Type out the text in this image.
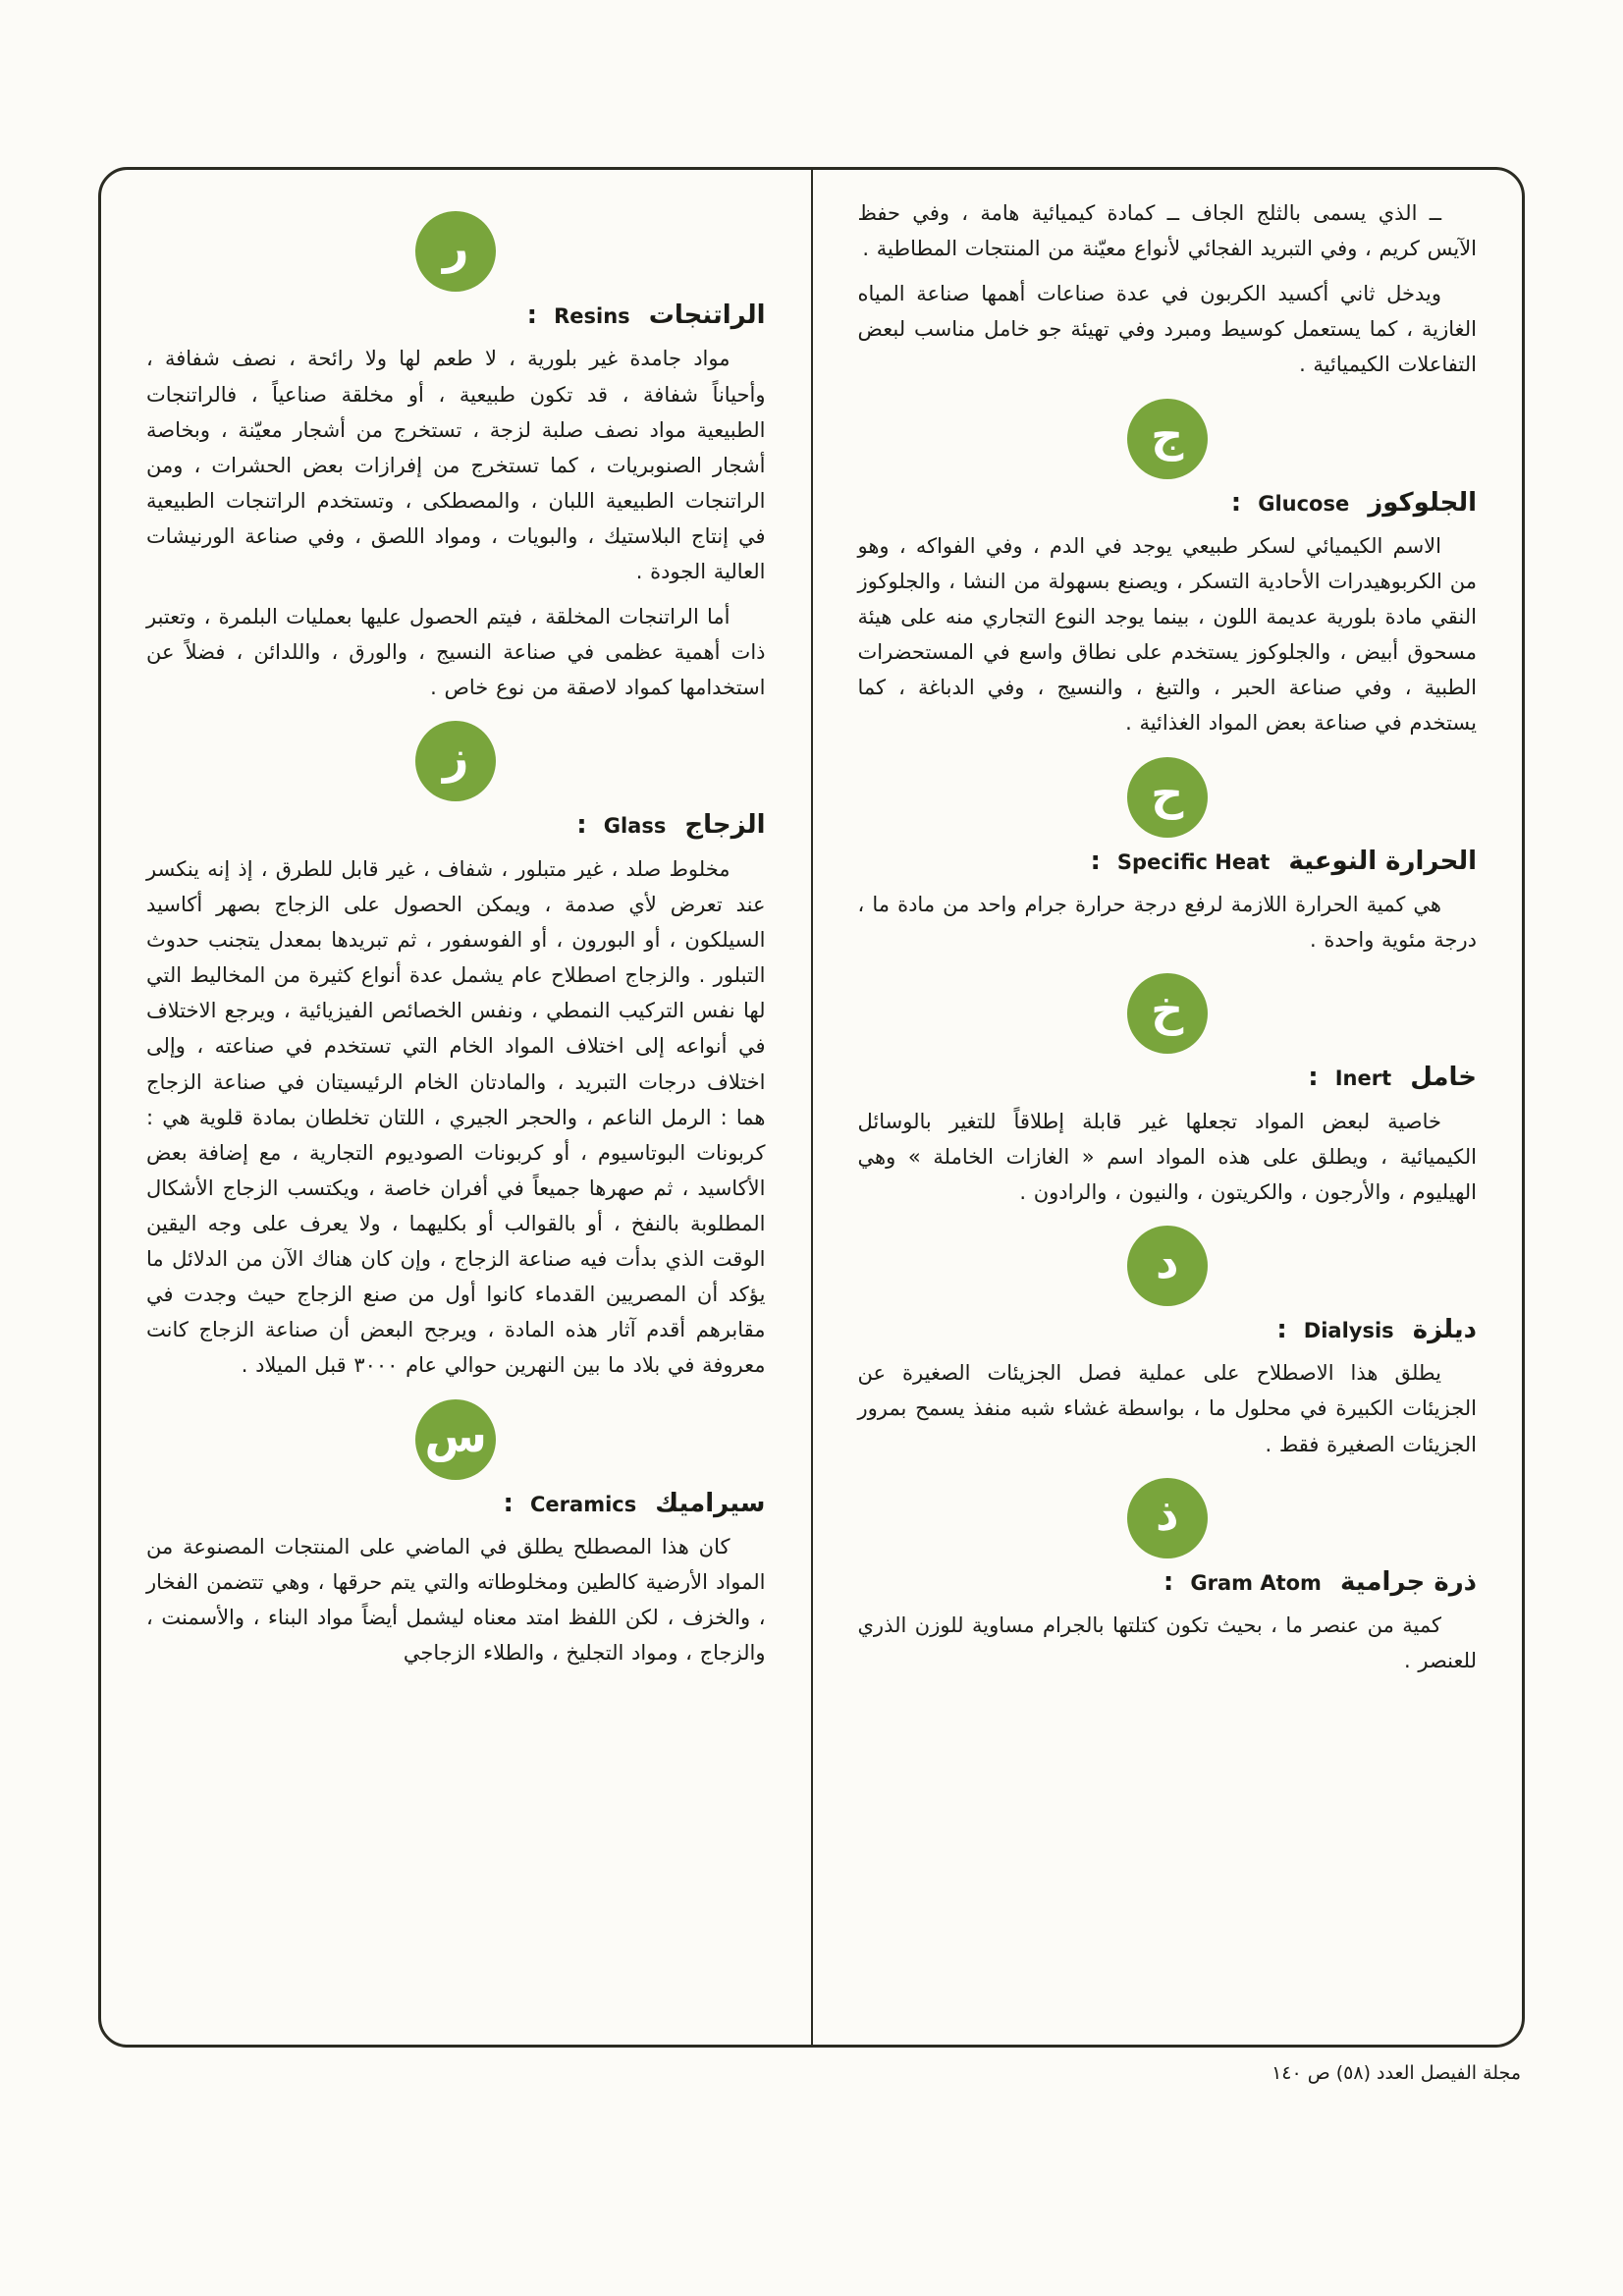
ــ الذي يسمى بالثلج الجاف ــ كمادة كيميائية هامة ، وفي حفظ الآيس كريم ، وفي التبريد الفجائي لأنواع معيّنة من المنتجات المطاطية .

ويدخل ثاني أكسيد الكربون في عدة صناعات أهمها صناعة المياه الغازية ، كما يستعمل كوسيط ومبرد وفي تهيئة جو خامل مناسب لبعض التفاعلات الكيميائية .

ج
الجلوكوز Glucose :

الاسم الكيميائي لسكر طبيعي يوجد في الدم ، وفي الفواكه ، وهو من الكربوهيدرات الأحادية التسكر ، ويصنع بسهولة من النشا ، والجلوكوز النقي مادة بلورية عديمة اللون ، بينما يوجد النوع التجاري منه على هيئة مسحوق أبيض ، والجلوكوز يستخدم على نطاق واسع في المستحضرات الطبية ، وفي صناعة الحبر ، والتبغ ، والنسيج ، وفي الدباغة ، كما يستخدم في صناعة بعض المواد الغذائية .

ح
الحرارة النوعية Specific Heat :

هي كمية الحرارة اللازمة لرفع درجة حرارة جرام واحد من مادة ما ، درجة مئوية واحدة .

خ
خامل Inert :

خاصية لبعض المواد تجعلها غير قابلة إطلاقاً للتغير بالوسائل الكيميائية ، ويطلق على هذه المواد اسم « الغازات الخاملة » وهي الهيليوم ، والأرجون ، والكريتون ، والنيون ، والرادون .

د
ديلزة Dialysis :

يطلق هذا الاصطلاح على عملية فصل الجزيئات الصغيرة عن الجزيئات الكبيرة في محلول ما ، بواسطة غشاء شبه منفذ يسمح بمرور الجزيئات الصغيرة فقط .

ذ
ذرة جرامية Gram Atom :

كمية من عنصر ما ، بحيث تكون كتلتها بالجرام مساوية للوزن الذري للعنصر .

ر
الراتنجات Resins :

مواد جامدة غير بلورية ، لا طعم لها ولا رائحة ، نصف شفافة ، وأحياناً شفافة ، قد تكون طبيعية ، أو مخلقة صناعياً ، فالراتنجات الطبيعية مواد نصف صلبة لزجة ، تستخرج من أشجار معيّنة ، وبخاصة أشجار الصنوبريات ، كما تستخرج من إفرازات بعض الحشرات ، ومن الراتنجات الطبيعية اللبان ، والمصطكى ، وتستخدم الراتنجات الطبيعية في إنتاج البلاستيك ، والبويات ، ومواد اللصق ، وفي صناعة الورنيشات العالية الجودة .

أما الراتنجات المخلقة ، فيتم الحصول عليها بعمليات البلمرة ، وتعتبر ذات أهمية عظمى في صناعة النسيج ، والورق ، واللدائن ، فضلاً عن استخدامها كمواد لاصقة من نوع خاص .

ز
الزجاج Glass :

مخلوط صلد ، غير متبلور ، شفاف ، غير قابل للطرق ، إذ إنه ينكسر عند تعرض لأي صدمة ، ويمكن الحصول على الزجاج بصهر أكاسيد السيلكون ، أو البورون ، أو الفوسفور ، ثم تبريدها بمعدل يتجنب حدوث التبلور . والزجاج اصطلاح عام يشمل عدة أنواع كثيرة من المخاليط التي لها نفس التركيب النمطي ، ونفس الخصائص الفيزيائية ، ويرجع الاختلاف في أنواعه إلى اختلاف المواد الخام التي تستخدم في صناعته ، وإلى اختلاف درجات التبريد ، والمادتان الخام الرئيسيتان في صناعة الزجاج هما : الرمل الناعم ، والحجر الجيري ، اللتان تخلطان بمادة قلوية هي : كربونات البوتاسيوم ، أو كربونات الصوديوم التجارية ، مع إضافة بعض الأكاسيد ، ثم صهرها جميعاً في أفران خاصة ، ويكتسب الزجاج الأشكال المطلوبة بالنفخ ، أو بالقوالب أو بكليهما ، ولا يعرف على وجه اليقين الوقت الذي بدأت فيه صناعة الزجاج ، وإن كان هناك الآن من الدلائل ما يؤكد أن المصريين القدماء كانوا أول من صنع الزجاج حيث وجدت في مقابرهم أقدم آثار هذه المادة ، ويرجح البعض أن صناعة الزجاج كانت معروفة في بلاد ما بين النهرين حوالي عام ٣٠٠٠ قبل الميلاد .

س
سيراميك Ceramics :

كان هذا المصطلح يطلق في الماضي على المنتجات المصنوعة من المواد الأرضية كالطين ومخلوطاته والتي يتم حرقها ، وهي تتضمن الفخار ، والخزف ، لكن اللفظ امتد معناه ليشمل أيضاً مواد البناء ، والأسمنت ، والزجاج ، ومواد التجليخ ، والطلاء الزجاجي

مجلة الفيصل العدد (٥٨) ص ١٤٠
